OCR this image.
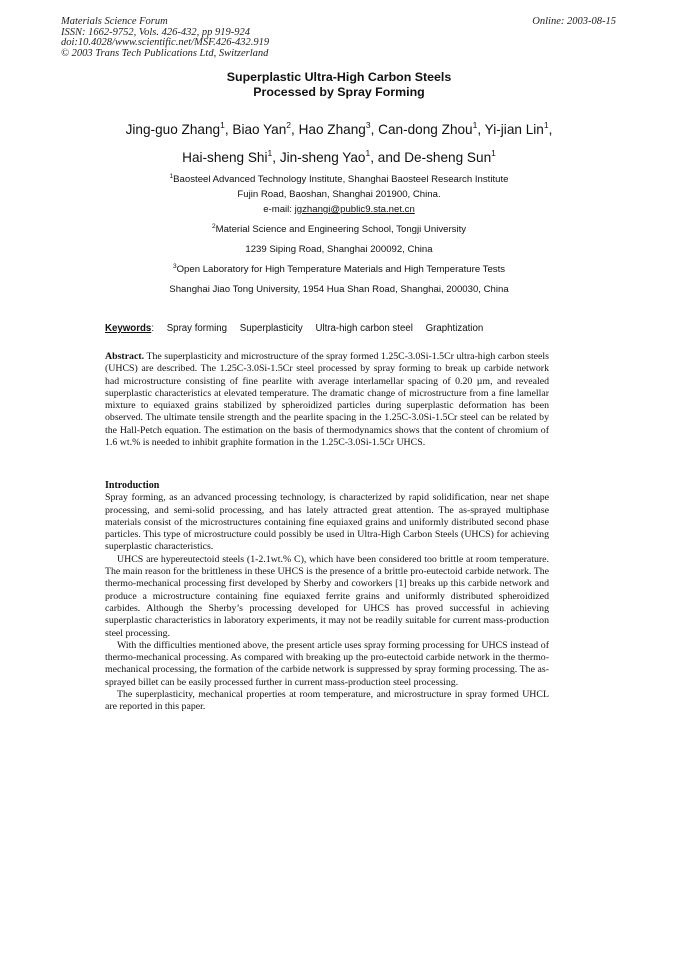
Materials Science Forum
ISSN: 1662-9752, Vols. 426-432, pp 919-924
doi:10.4028/www.scientific.net/MSF.426-432.919
© 2003 Trans Tech Publications Ltd, Switzerland
Online: 2003-08-15
Superplastic Ultra-High Carbon Steels
Processed by Spray Forming
Jing-guo Zhang$^1$, Biao Yan$^2$, Hao Zhang$^3$, Can-dong Zhou$^1$, Yi-jian Lin$^1$,
Hai-sheng Shi$^1$, Jin-sheng Yao$^1$, and De-sheng Sun$^1$
$^1$Baosteel Advanced Technology Institute, Shanghai Baosteel Research Institute
Fujin Road, Baoshan, Shanghai 201900, China.
e-mail: jgzhangi@public9.sta.net.cn
$^2$Material Science and Engineering School, Tongji University
1239 Siping Road, Shanghai 200092, China
$^3$Open Laboratory for High Temperature Materials and High Temperature Tests
Shanghai Jiao Tong University, 1954 Hua Shan Road, Shanghai, 200030, China
Keywords: Spray forming Superplasticity Ultra-high carbon steel Graphtization

Abstract. The superplasticity and microstructure of the spray formed 1.25C-3.0Si-1.5Cr ultra-high carbon steels (UHCS) are described. The 1.25C-3.0Si-1.5Cr steel processed by spray forming to break up carbide network had microstructure consisting of fine pearlite with average interlamellar spacing of 0.20 µm, and revealed superplastic characteristics at elevated temperature. The dramatic change of microstructure from a fine lamellar mixture to equiaxed grains stabilized by spheroidized particles during superplastic deformation has been observed. The ultimate tensile strength and the pearlite spacing in the 1.25C-3.0Si-1.5Cr steel can be related by the Hall-Petch equation. The estimation on the basis of thermodynamics shows that the content of chromium of 1.6 wt.% is needed to inhibit graphite formation in the 1.25C-3.0Si-1.5Cr UHCS.

Introduction

Spray forming, as an advanced processing technology, is characterized by rapid solidification, near net shape processing, and semi-solid processing, and has lately attracted great attention. The as-sprayed multiphase materials consist of the microstructures containing fine equiaxed grains and uniformly distributed second phase particles. This type of microstructure could possibly be used in Ultra-High Carbon Steels (UHCS) for achieving superplastic characteristics.

UHCS are hypereutectoid steels (1-2.1wt.% C), which have been considered too brittle at room temperature. The main reason for the brittleness in these UHCS is the presence of a brittle pro-eutectoid carbide network. The thermo-mechanical processing first developed by Sherby and coworkers [1] breaks up this carbide network and produce a microstructure containing fine equiaxed ferrite grains and uniformly distributed spheroidized carbides. Although the Sherby’s processing developed for UHCS has proved successful in achieving superplastic characteristics in laboratory experiments, it may not be readily suitable for current mass-production steel processing.

With the difficulties mentioned above, the present article uses spray forming processing for UHCS instead of thermo-mechanical processing. As compared with breaking up the pro-eutectoid carbide network in the thermo-mechanical processing, the formation of the carbide network is suppressed by spray forming processing. The as-sprayed billet can be easily processed further in current mass-production steel processing.

The superplasticity, mechanical properties at room temperature, and microstructure in spray formed UHCL are reported in this paper.
